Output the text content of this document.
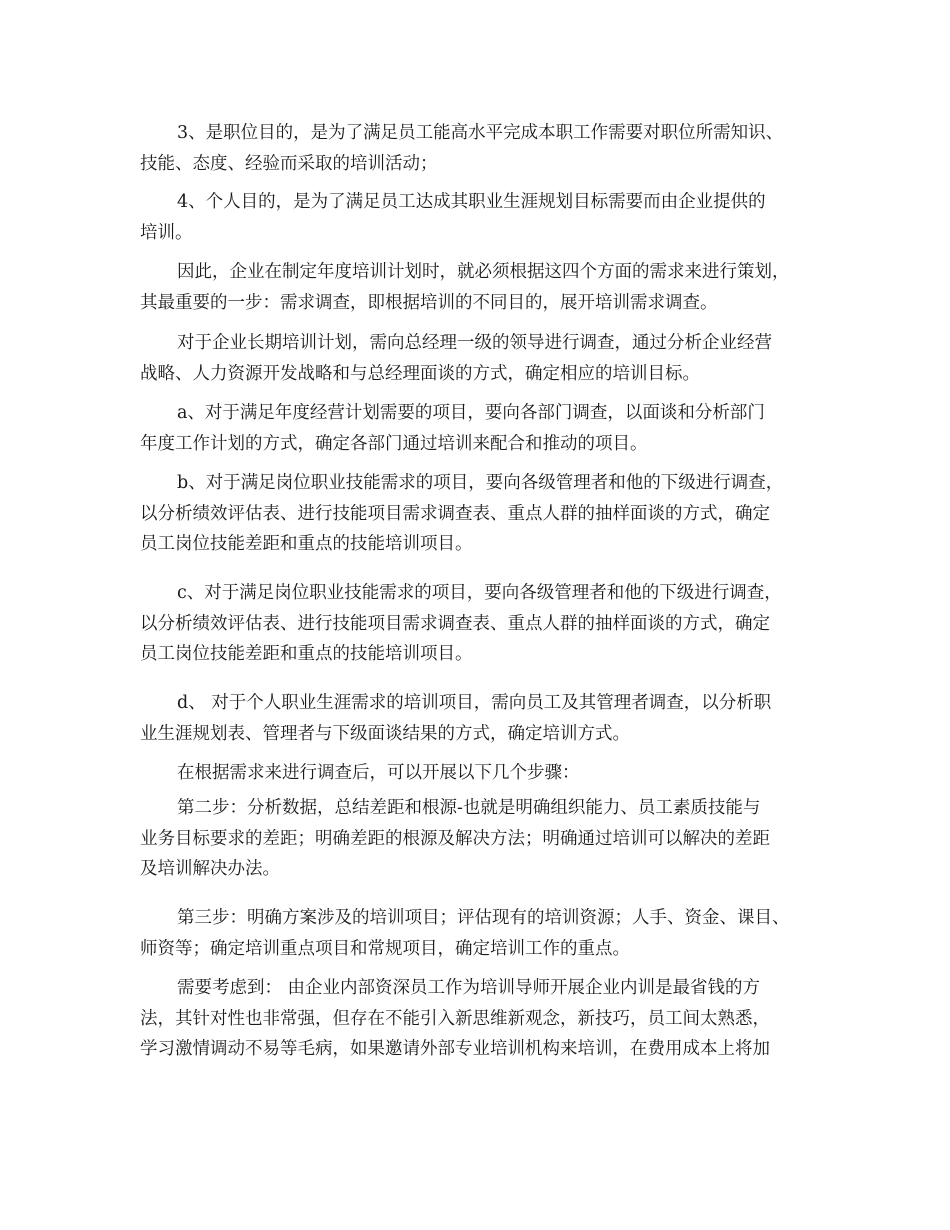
3、是职位目的，是为了满足员工能高水平完成本职工作需要对职位所需知识、
技能、态度、经验而采取的培训活动；
4、个人目的，是为了满足员工达成其职业生涯规划目标需要而由企业提供的
培训。
因此，企业在制定年度培训计划时，就必须根据这四个方面的需求来进行策划，
其最重要的一步：需求调查，即根据培训的不同目的，展开培训需求调查。
对于企业长期培训计划，需向总经理一级的领导进行调查，通过分析企业经营
战略、人力资源开发战略和与总经理面谈的方式，确定相应的培训目标。
a、对于满足年度经营计划需要的项目，要向各部门调查，以面谈和分析部门
年度工作计划的方式，确定各部门通过培训来配合和推动的项目。
b、对于满足岗位职业技能需求的项目，要向各级管理者和他的下级进行调查，
以分析绩效评估表、进行技能项目需求调查表、重点人群的抽样面谈的方式，确定
员工岗位技能差距和重点的技能培训项目。
c、对于满足岗位职业技能需求的项目，要向各级管理者和他的下级进行调查，
以分析绩效评估表、进行技能项目需求调查表、重点人群的抽样面谈的方式，确定
员工岗位技能差距和重点的技能培训项目。
d、 对于个人职业生涯需求的培训项目，需向员工及其管理者调查，以分析职
业生涯规划表、管理者与下级面谈结果的方式，确定培训方式。
在根据需求来进行调查后，可以开展以下几个步骤：
第二步：分析数据，总结差距和根源-也就是明确组织能力、员工素质技能与
业务目标要求的差距；明确差距的根源及解决方法；明确通过培训可以解决的差距
及培训解决办法。
第三步：明确方案涉及的培训项目；评估现有的培训资源；人手、资金、课目、
师资等；确定培训重点项目和常规项目，确定培训工作的重点。
需要考虑到： 由企业内部资深员工作为培训导师开展企业内训是最省钱的方
法，其针对性也非常强，但存在不能引入新思维新观念，新技巧，员工间太熟悉，
学习激情调动不易等毛病，如果邀请外部专业培训机构来培训，在费用成本上将加
